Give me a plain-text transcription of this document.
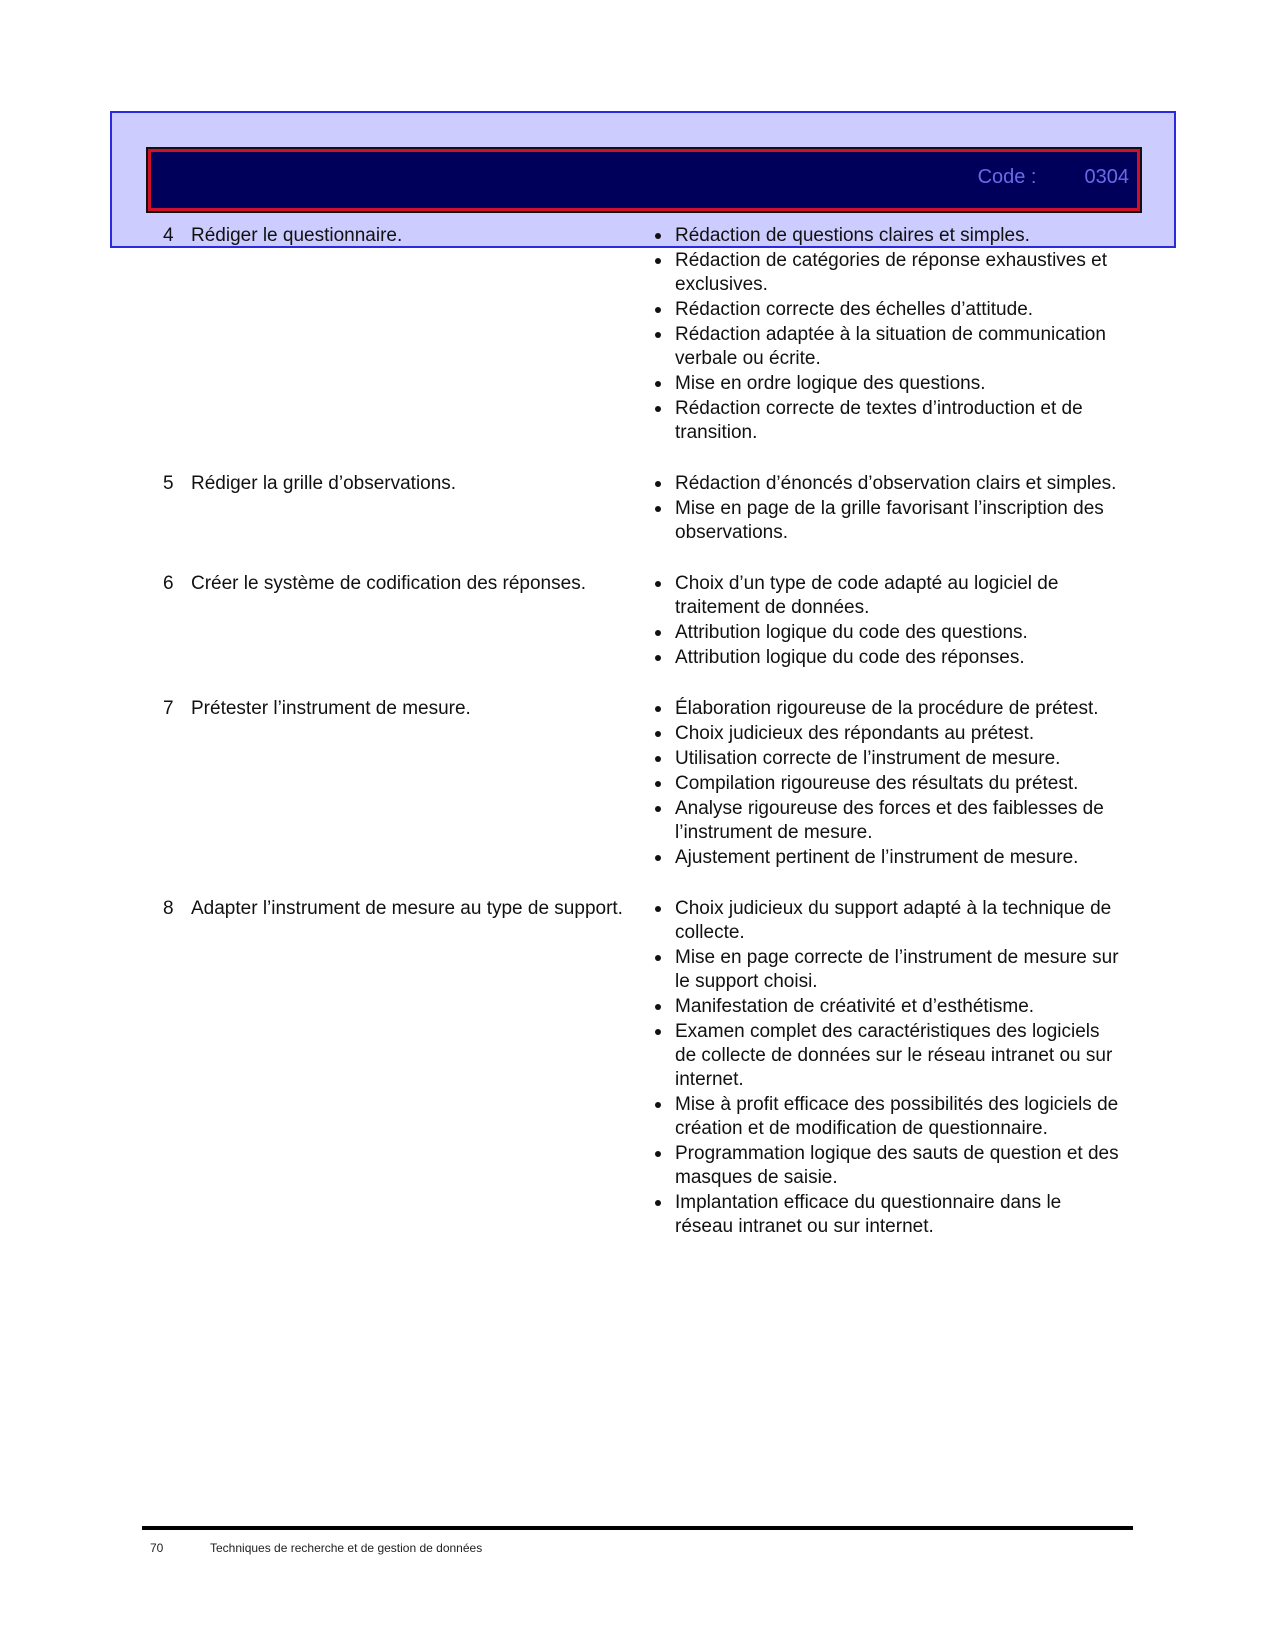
Code : 0304
4 Rédiger le questionnaire.	Rédaction de questions claires et simples.
Rédaction de catégories de réponse exhaustives et exclusives.
Rédaction correcte des échelles d’attitude.
Rédaction adaptée à la situation de communication verbale ou écrite.
Mise en ordre logique des questions.
Rédaction correcte de textes d’introduction et de transition.
5 Rédiger la grille d’observations.	Rédaction d’énoncés d’observation clairs et simples.
Mise en page de la grille favorisant l’inscription des observations.
6 Créer le système de codification des réponses.	Choix d’un type de code adapté au logiciel de traitement de données.
Attribution logique du code des questions.
Attribution logique du code des réponses.
7 Prétester l’instrument de mesure.	Élaboration rigoureuse de la procédure de prétest.
Choix judicieux des répondants au prétest.
Utilisation correcte de l’instrument de mesure.
Compilation rigoureuse des résultats du prétest.
Analyse rigoureuse des forces et des faiblesses de l’instrument de mesure.
Ajustement pertinent de l’instrument de mesure.
8 Adapter l’instrument de mesure au type de support.	Choix judicieux du support adapté à la technique de collecte.
Mise en page correcte de l’instrument de mesure sur le support choisi.
Manifestation de créativité et d’esthétisme.
Examen complet des caractéristiques des logiciels de collecte de données sur le réseau intranet ou sur internet.
Mise à profit efficace des possibilités des logiciels de création et de modification de questionnaire.
Programmation logique des sauts de question et des masques de saisie.
Implantation efficace du questionnaire dans le réseau intranet ou sur internet.
70	Techniques de recherche et de gestion de données
